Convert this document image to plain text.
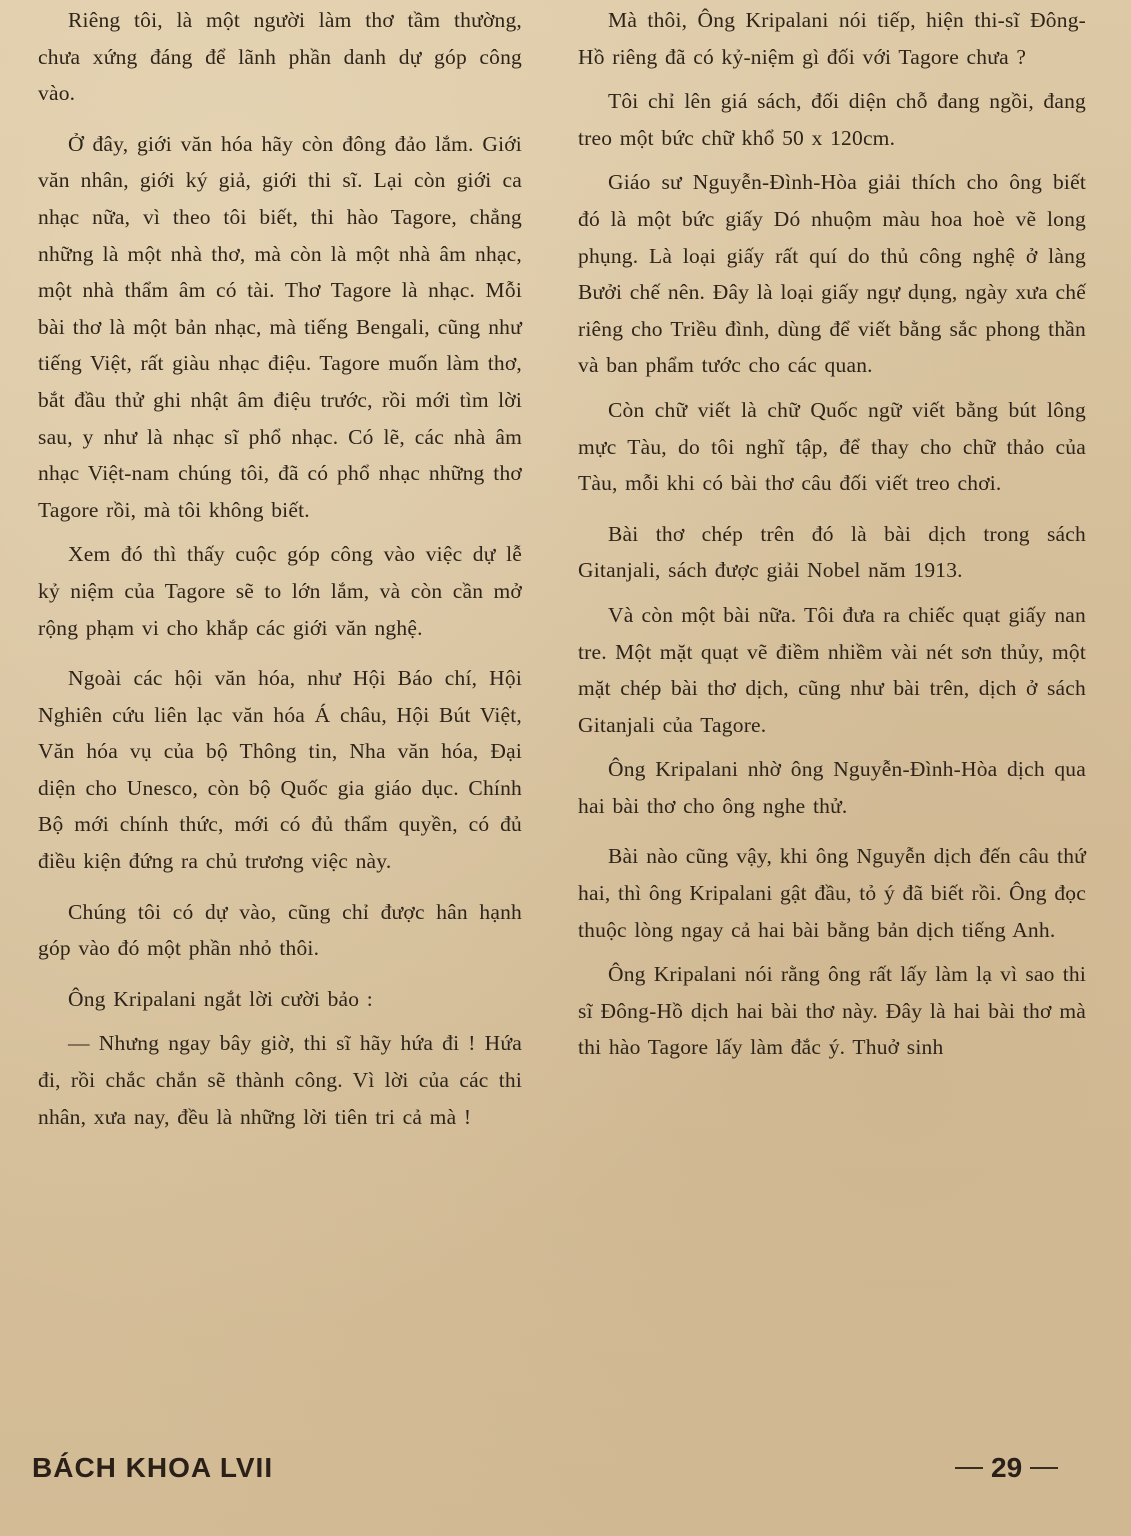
Riêng tôi, là một người làm thơ tầm thường, chưa xứng đáng để lãnh phần danh dự góp công vào.

Ở đây, giới văn hóa hãy còn đông đảo lắm. Giới văn nhân, giới ký giả, giới thi sĩ. Lại còn giới ca nhạc nữa, vì theo tôi biết, thi hào Tagore, chẳng những là một nhà thơ, mà còn là một nhà âm nhạc, một nhà thẩm âm có tài. Thơ Tagore là nhạc. Mỗi bài thơ là một bản nhạc, mà tiếng Bengali, cũng như tiếng Việt, rất giàu nhạc điệu. Tagore muốn làm thơ, bắt đầu thử ghi nhật âm điệu trước, rồi mới tìm lời sau, y như là nhạc sĩ phổ nhạc. Có lẽ, các nhà âm nhạc Việt-nam chúng tôi, đã có phổ nhạc những thơ Tagore rồi, mà tôi không biết.

Xem đó thì thấy cuộc góp công vào việc dự lễ kỷ niệm của Tagore sẽ to lớn lắm, và còn cần mở rộng phạm vi cho khắp các giới văn nghệ.

Ngoài các hội văn hóa, như Hội Báo chí, Hội Nghiên cứu liên lạc văn hóa Á châu, Hội Bút Việt, Văn hóa vụ của bộ Thông tin, Nha văn hóa, Đại diện cho Unesco, còn bộ Quốc gia giáo dục. Chính Bộ mới chính thức, mới có đủ thẩm quyền, có đủ điều kiện đứng ra chủ trương việc này.

Chúng tôi có dự vào, cũng chỉ được hân hạnh góp vào đó một phần nhỏ thôi.

Ông Kripalani ngắt lời cười bảo :

— Nhưng ngay bây giờ, thi sĩ hãy hứa đi ! Hứa đi, rồi chắc chắn sẽ thành công. Vì lời của các thi nhân, xưa nay, đều là những lời tiên tri cả mà !

Mà thôi, Ông Kripalani nói tiếp, hiện thi-sĩ Đông-Hồ riêng đã có kỷ-niệm gì đối với Tagore chưa ?

Tôi chỉ lên giá sách, đối diện chỗ đang ngồi, đang treo một bức chữ khổ 50 x 120cm.

Giáo sư Nguyễn-Đình-Hòa giải thích cho ông biết đó là một bức giấy Dó nhuộm màu hoa hoè vẽ long phụng. Là loại giấy rất quí do thủ công nghệ ở làng Bưởi chế nên. Đây là loại giấy ngự dụng, ngày xưa chế riêng cho Triều đình, dùng để viết bằng sắc phong thần và ban phẩm tước cho các quan.

Còn chữ viết là chữ Quốc ngữ viết bằng bút lông mực Tàu, do tôi nghĩ tập, để thay cho chữ thảo của Tàu, mỗi khi có bài thơ câu đối viết treo chơi.

Bài thơ chép trên đó là bài dịch trong sách Gitanjali, sách được giải Nobel năm 1913.

Và còn một bài nữa. Tôi đưa ra chiếc quạt giấy nan tre. Một mặt quạt vẽ điềm nhiềm vài nét sơn thủy, một mặt chép bài thơ dịch, cũng như bài trên, dịch ở sách Gitanjali của Tagore.

Ông Kripalani nhờ ông Nguyễn-Đình-Hòa dịch qua hai bài thơ cho ông nghe thử.

Bài nào cũng vậy, khi ông Nguyễn dịch đến câu thứ hai, thì ông Kripalani gật đầu, tỏ ý đã biết rồi. Ông đọc thuộc lòng ngay cả hai bài bằng bản dịch tiếng Anh.

Ông Kripalani nói rằng ông rất lấy làm lạ vì sao thi sĩ Đông-Hồ dịch hai bài thơ này. Đây là hai bài thơ mà thi hào Tagore lấy làm đắc ý. Thuở sinh

BÁCH KHOA LVII	29
